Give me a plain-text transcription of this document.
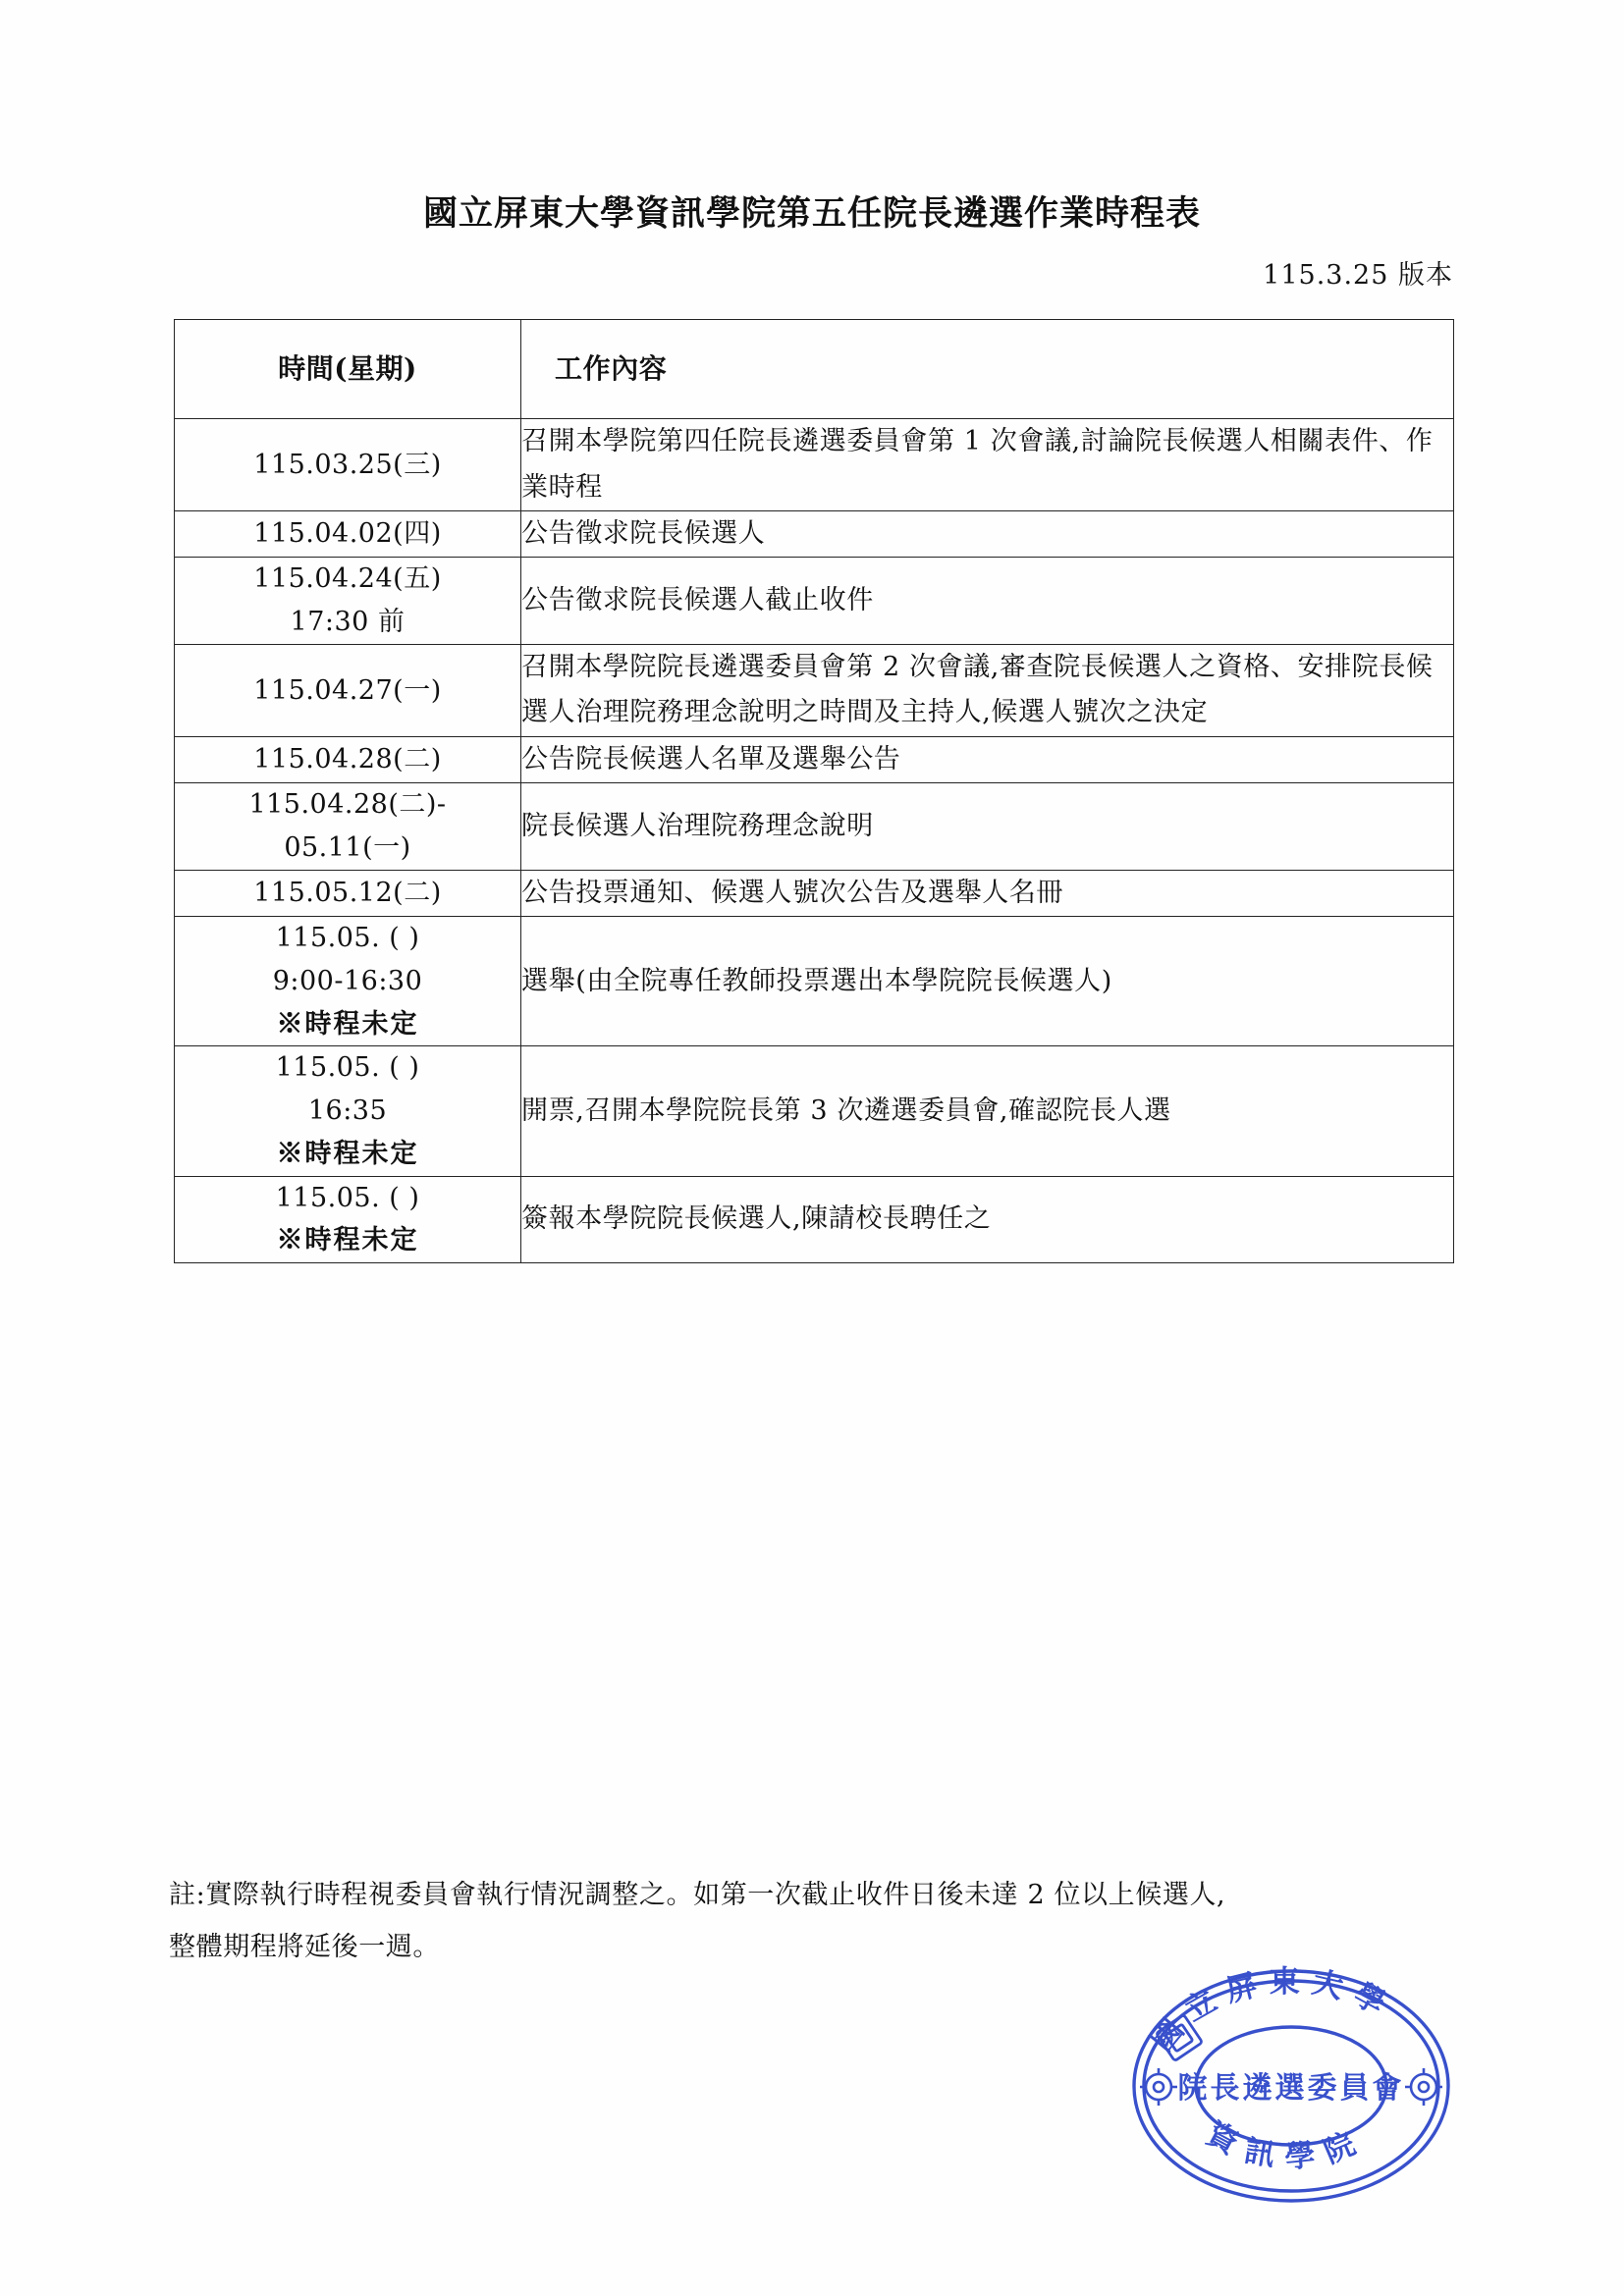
國立屏東大學資訊學院第五任院長遴選作業時程表
115.3.25 版本
時間(星期)	工作內容

115.03.25(三)	召開本學院第四任院長遴選委員會第 1 次會議,討論院長候選人相關表件、作業時程

115.04.02(四)	公告徵求院長候選人

115.04.24(五)
17:30 前	公告徵求院長候選人截止收件

115.04.27(一)	召開本學院院長遴選委員會第 2 次會議,審查院長候選人之資格、安排院長候選人治理院務理念說明之時間及主持人,候選人號次之決定

115.04.28(二)	公告院長候選人名單及選舉公告

115.04.28(二)-
05.11(一)	院長候選人治理院務理念說明

115.05.12(二)	公告投票通知、候選人號次公告及選舉人名冊

115.05. ( )
9:00-16:30
※時程未定	選舉(由全院專任教師投票選出本學院院長候選人)

115.05. ( )
16:35
※時程未定	開票,召開本學院院長第 3 次遴選委員會,確認院長人選

115.05. ( )
※時程未定	簽報本學院院長候選人,陳請校長聘任之
註:實際執行時程視委員會執行情況調整之。如第一次截止收件日後未達 2 位以上候選人,
整體期程將延後一週。
國立屏東大學
資訊學院
院長遴選委員會
